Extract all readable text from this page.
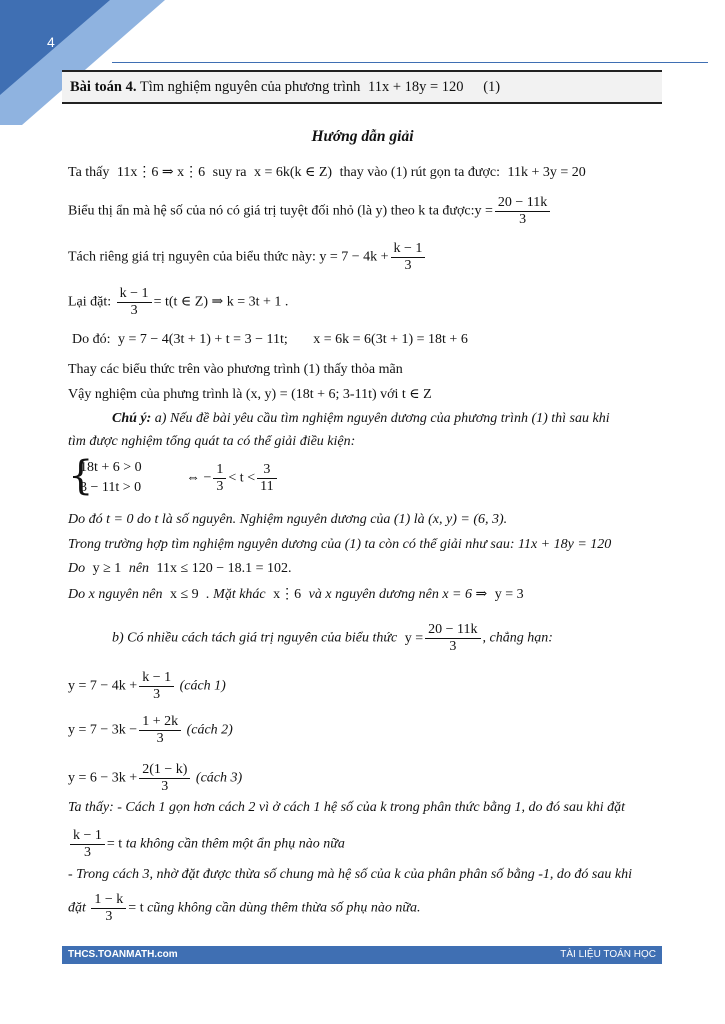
4
Bài toán 4. Tìm nghiệm nguyên của phương trình 11x + 18y = 120 (1)
Hướng dẫn giải
Ta thấy 11x⋮6 ⇒ x⋮6 suy ra x = 6k(k ∈ Z) thay vào (1) rút gọn ta được: 11k + 3y = 20
Biểu thị ẩn mà hệ số của nó có giá trị tuyệt đối nhỏ (là y) theo k ta được:y = $\frac{20 - 11k}{3}$
Tách riêng giá trị nguyên của biểu thức này: $y = 7 - 4k + \frac{k - 1}{3}$
Lại đặt: $\frac{k - 1}{3} = t(t$ ∈ Z) ⇒ k = 3t + 1 .
Do đó: y = 7 − 4(3t + 1) + t = 3 − 11t; x = 6k = 6(3t + 1) = 18t + 6
Thay các biểu thức trên vào phương trình (1) thấy thỏa mãn
Vậy nghiệm của phưng trình là (x, y) = (18t + 6; 3-11t) với t ∈ Z
Chú ý: a) Nếu đề bài yêu cầu tìm nghiệm nguyên dương của phương trình (1) thì sau khi
tìm được nghiệm tổng quát ta có thể giải điều kiện:
{
18t + 6 > 0
3 − 11t > 0
⇔ − $\frac{1}{3} < t < \frac{3}{11}$
Do đó t = 0 do t là số nguyên. Nghiệm nguyên dương của (1) là (x, y) = (6, 3).
Trong trường hợp tìm nghiệm nguyên dương của (1) ta còn có thể giải như sau: 11x + 18y = 120
Do y ≥ 1 nên 11x ≤ 120 − 18.1 = 102.
Do x nguyên nên x ≤ 9 . Mặt khác x⋮6 và x nguyên dương nên x = 6 ⇒ y = 3
b) Có nhiều cách tách giá trị nguyên của biểu thức $y = \frac{20 - 11k}{3}$ , chẳng hạn:
$y = 7 - 4k + \frac{k - 1}{3}$ (cách 1)
$y = 7 - 3k - \frac{1 + 2k}{3}$ (cách 2)
$y = 6 - 3k + \frac{2(1 - k)}{3}$ (cách 3)
Ta thấy: - Cách 1 gọn hơn cách 2 vì ở cách 1 hệ số của k trong phân thức bằng 1, do đó sau khi đặt
$\frac{k - 1}{3} = t$ ta không cần thêm một ẩn phụ nào nữa
- Trong cách 3, nhờ đặt được thừa số chung mà hệ số của k của phân phân số bằng -1, do đó sau khi
đặt $\frac{1 - k}{3} = t$ cũng không cần dùng thêm thừa số phụ nào nữa.
THCS.TOANMATH.com	TÀI LIỆU TOÁN HỌC
